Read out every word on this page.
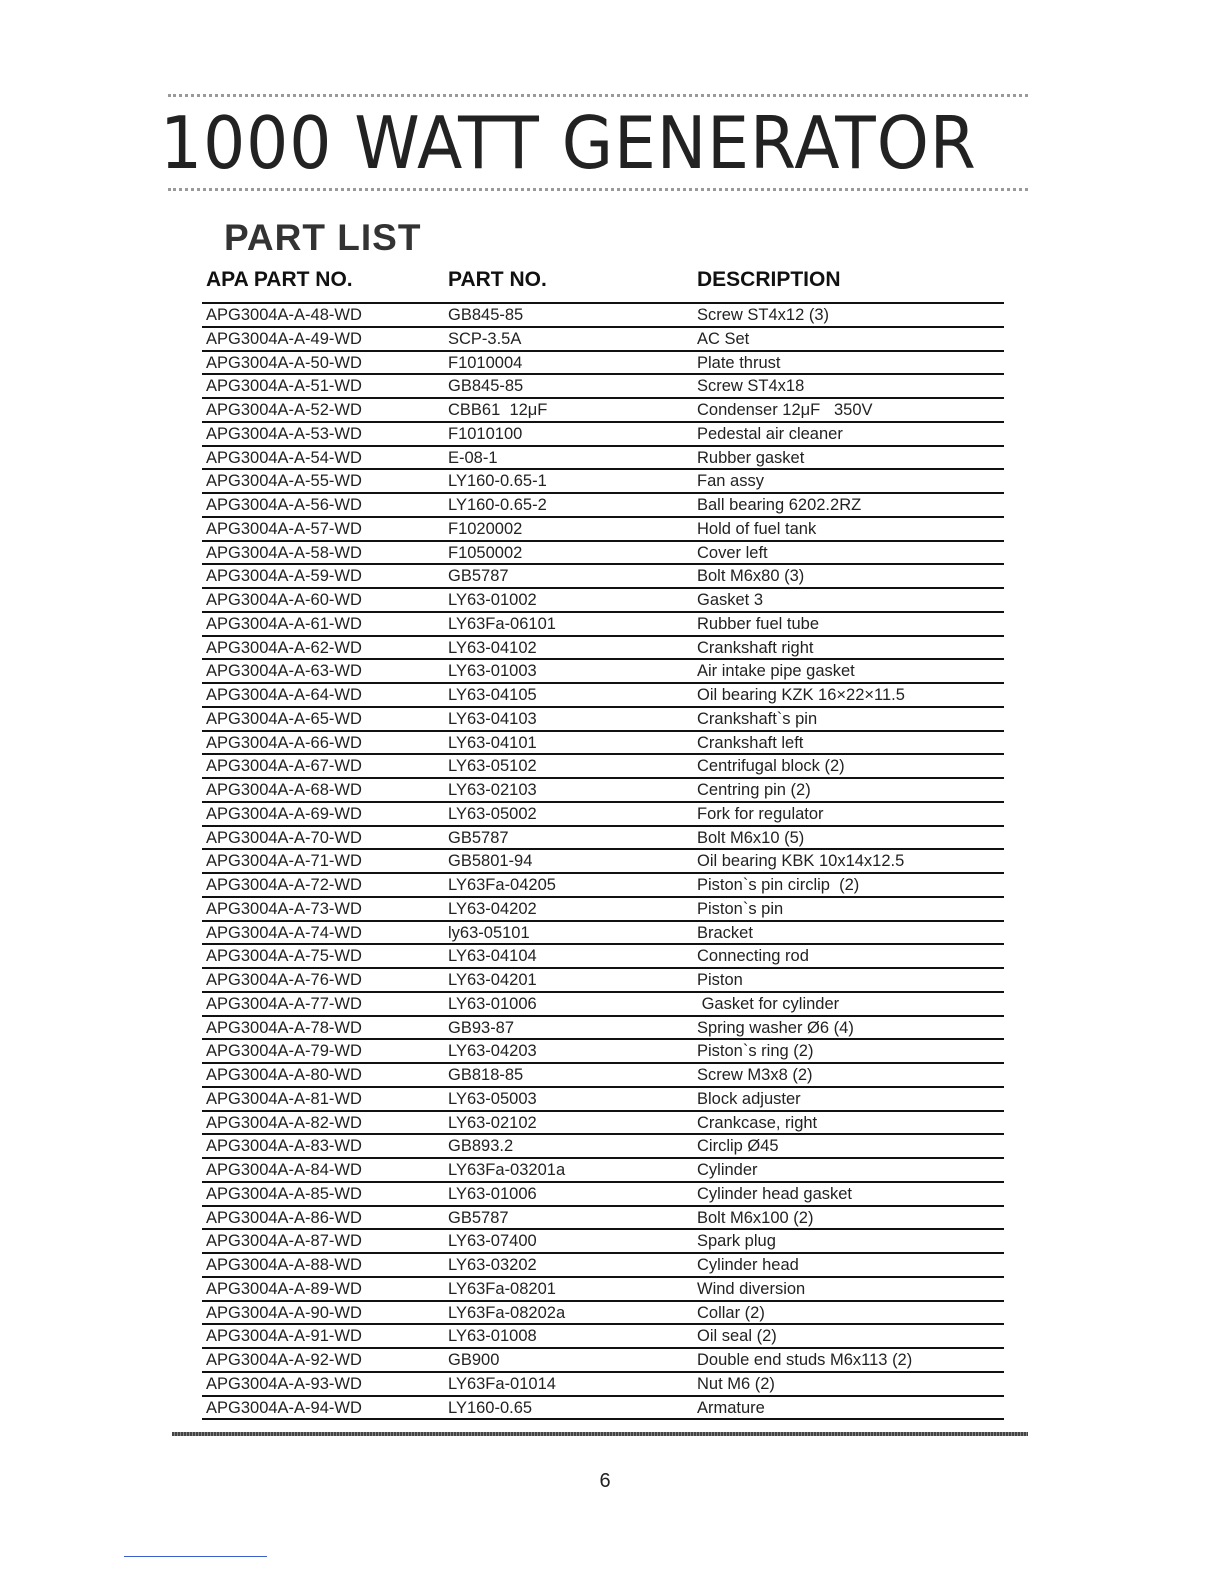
1000 WATT GENERATOR
PART LIST
APA PART NO.	PART NO.	DESCRIPTION
APG3004A-A-48-WD	GB845-85	Screw ST4x12 (3)
APG3004A-A-49-WD	SCP-3.5A	AC Set
APG3004A-A-50-WD	F1010004	Plate thrust
APG3004A-A-51-WD	GB845-85	Screw ST4x18
APG3004A-A-52-WD	CBB61  12μF	Condenser 12μF   350V
APG3004A-A-53-WD	F1010100	Pedestal air cleaner
APG3004A-A-54-WD	E-08-1	Rubber gasket
APG3004A-A-55-WD	LY160-0.65-1	Fan assy
APG3004A-A-56-WD	LY160-0.65-2	Ball bearing 6202.2RZ
APG3004A-A-57-WD	F1020002	Hold of fuel tank
APG3004A-A-58-WD	F1050002	Cover left
APG3004A-A-59-WD	GB5787	Bolt M6x80 (3)
APG3004A-A-60-WD	LY63-01002	Gasket 3
APG3004A-A-61-WD	LY63Fa-06101	Rubber fuel tube
APG3004A-A-62-WD	LY63-04102	Crankshaft right
APG3004A-A-63-WD	LY63-01003	Air intake pipe gasket
APG3004A-A-64-WD	LY63-04105	Oil bearing KZK 16×22×11.5
APG3004A-A-65-WD	LY63-04103	Crankshaft`s pin
APG3004A-A-66-WD	LY63-04101	Crankshaft left
APG3004A-A-67-WD	LY63-05102	Centrifugal block (2)
APG3004A-A-68-WD	LY63-02103	Centring pin (2)
APG3004A-A-69-WD	LY63-05002	Fork for regulator
APG3004A-A-70-WD	GB5787	Bolt M6x10 (5)
APG3004A-A-71-WD	GB5801-94	Oil bearing KBK 10x14x12.5
APG3004A-A-72-WD	LY63Fa-04205	Piston`s pin circlip  (2)
APG3004A-A-73-WD	LY63-04202	Piston`s pin
APG3004A-A-74-WD	ly63-05101	Bracket
APG3004A-A-75-WD	LY63-04104	Connecting rod
APG3004A-A-76-WD	LY63-04201	Piston
APG3004A-A-77-WD	LY63-01006	Gasket for cylinder
APG3004A-A-78-WD	GB93-87	Spring washer Ø6 (4)
APG3004A-A-79-WD	LY63-04203	Piston`s ring (2)
APG3004A-A-80-WD	GB818-85	Screw M3x8 (2)
APG3004A-A-81-WD	LY63-05003	Block adjuster
APG3004A-A-82-WD	LY63-02102	Crankcase, right
APG3004A-A-83-WD	GB893.2	Circlip Ø45
APG3004A-A-84-WD	LY63Fa-03201a	Cylinder
APG3004A-A-85-WD	LY63-01006	Cylinder head gasket
APG3004A-A-86-WD	GB5787	Bolt M6x100 (2)
APG3004A-A-87-WD	LY63-07400	Spark plug
APG3004A-A-88-WD	LY63-03202	Cylinder head
APG3004A-A-89-WD	LY63Fa-08201	Wind diversion
APG3004A-A-90-WD	LY63Fa-08202a	Collar (2)
APG3004A-A-91-WD	LY63-01008	Oil seal (2)
APG3004A-A-92-WD	GB900	Double end studs M6x113 (2)
APG3004A-A-93-WD	LY63Fa-01014	Nut M6 (2)
APG3004A-A-94-WD	LY160-0.65	Armature
6
